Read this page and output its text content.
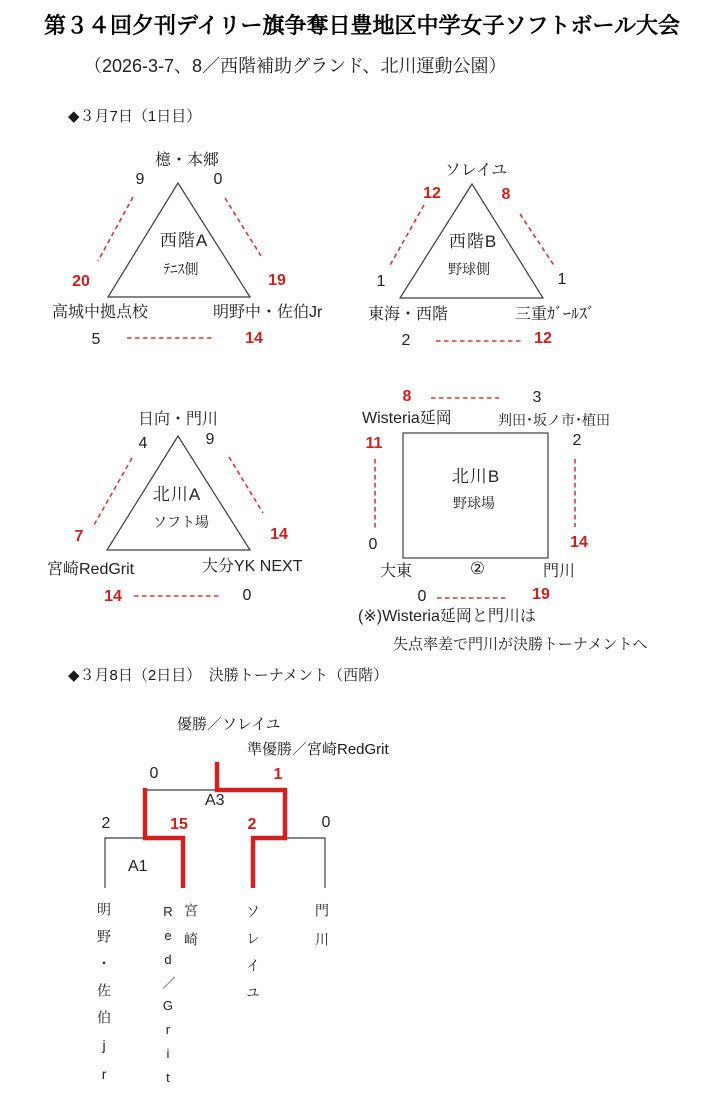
第３４回夕刊デイリー旗争奪日豊地区中学女子ソフトボール大会
（2026-3-7、8／西階補助グランド、北川運動公園）
◆３月7日（1日目）
檍・本郷
9	0
西階A
ﾃﾆｽ側
20	19
高城中拠点校	明野中・佐伯Jr
5	14
ソレイユ
12	8
西階B
野球側
1	1
東海・西階	三重ｶﾞｰﾙｽﾞ
2	12
日向・門川
4	9
北川A
ソフト場
7	14
宮崎RedGrit	大分YK NEXT
14	0
8	3
Wisteria延岡	判田･坂ノ市･植田
11	2
北川B
野球場
0	14
大東	②	門川
0	19
(※)Wisteria延岡と門川は
失点率差で門川が決勝トーナメントへ
◆３月8日（2日目）　決勝トーナメント（西階）
優勝／ソレイユ
準優勝／宮崎RedGrit
0	1
A3
2	15	2	0
A1
明野・佐伯jr	Red／Grit 宮崎	ソレイユ	門川
